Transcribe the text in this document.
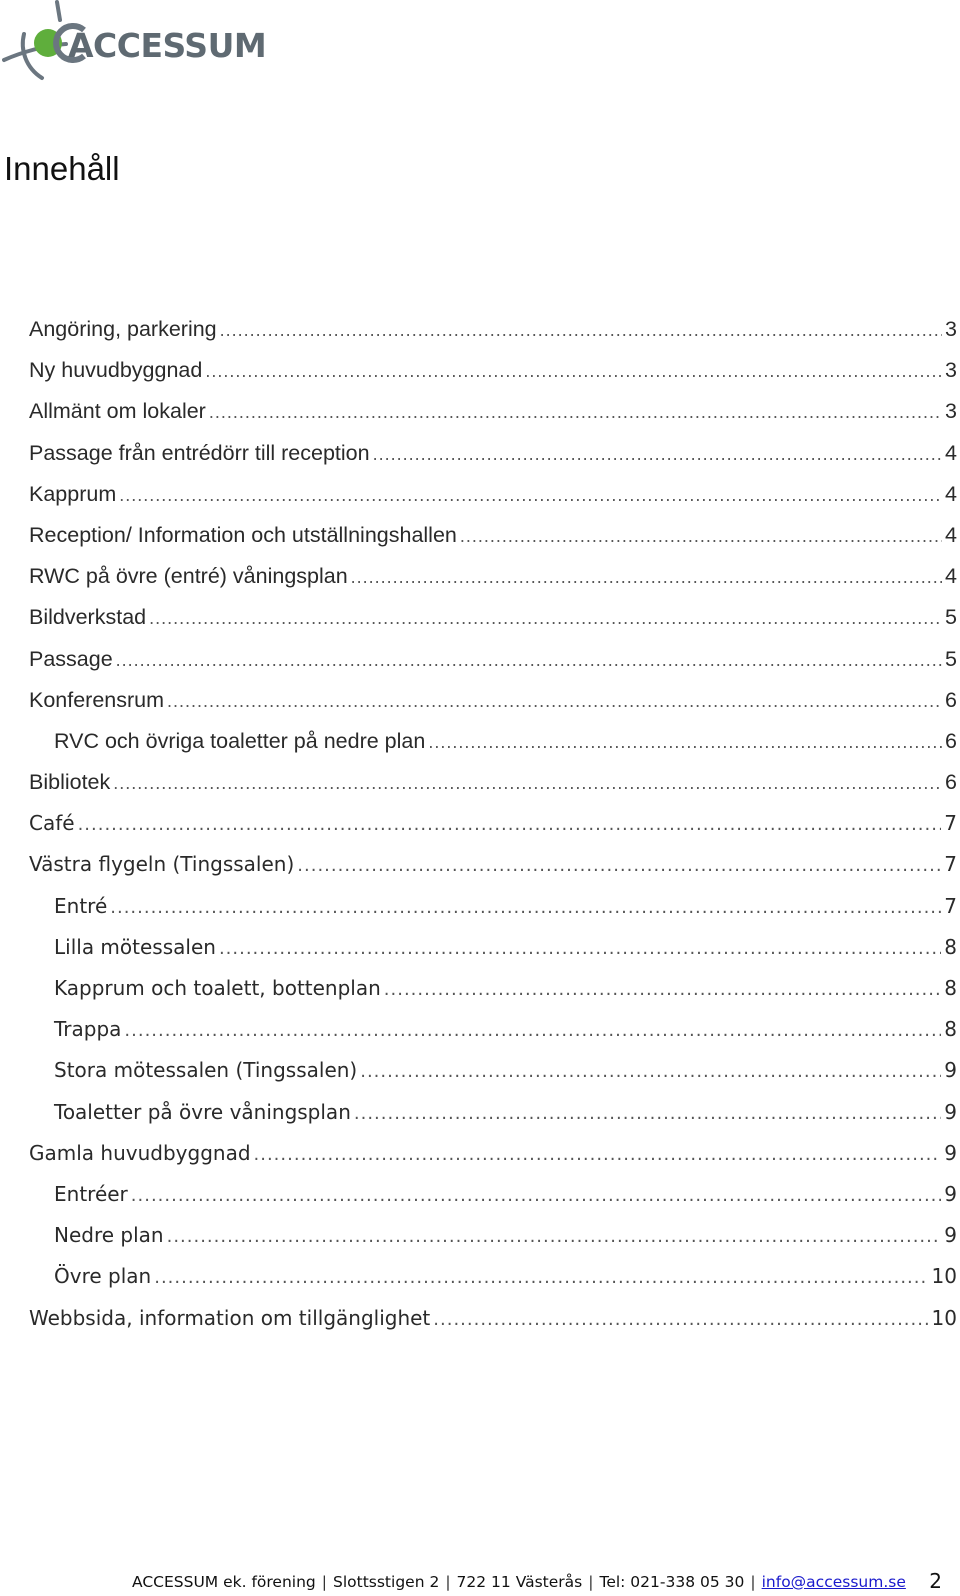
ACCESSUM
Innehåll
Angöring, parkering .....	3
Ny huvudbyggnad .....	3
Allmänt om lokaler .....	3
Passage från entrédörr till reception .....	4
Kapprum .....	4
Reception/ Information och utställningshallen .....	4
RWC på övre (entré) våningsplan .....	4
Bildverkstad .....	5
Passage .....	5
Konferensrum .....	6
RVC och övriga toaletter på nedre plan .....	6
Bibliotek .....	6
Café .....	7
Västra flygeln (Tingssalen) .....	7
Entré .....	7
Lilla mötessalen .....	8
Kapprum och toalett, bottenplan .....	8
Trappa .....	8
Stora mötessalen (Tingssalen) .....	9
Toaletter på övre våningsplan .....	9
Gamla huvudbyggnad .....	9
Entréer .....	9
Nedre plan .....	9
Övre plan .....	10
Webbsida, information om tillgänglighet .....	10
ACCESSUM ek. förening | Slottsstigen 2 | 722 11 Västerås | Tel: 021-338 05 30 | info@accessum.se 2
